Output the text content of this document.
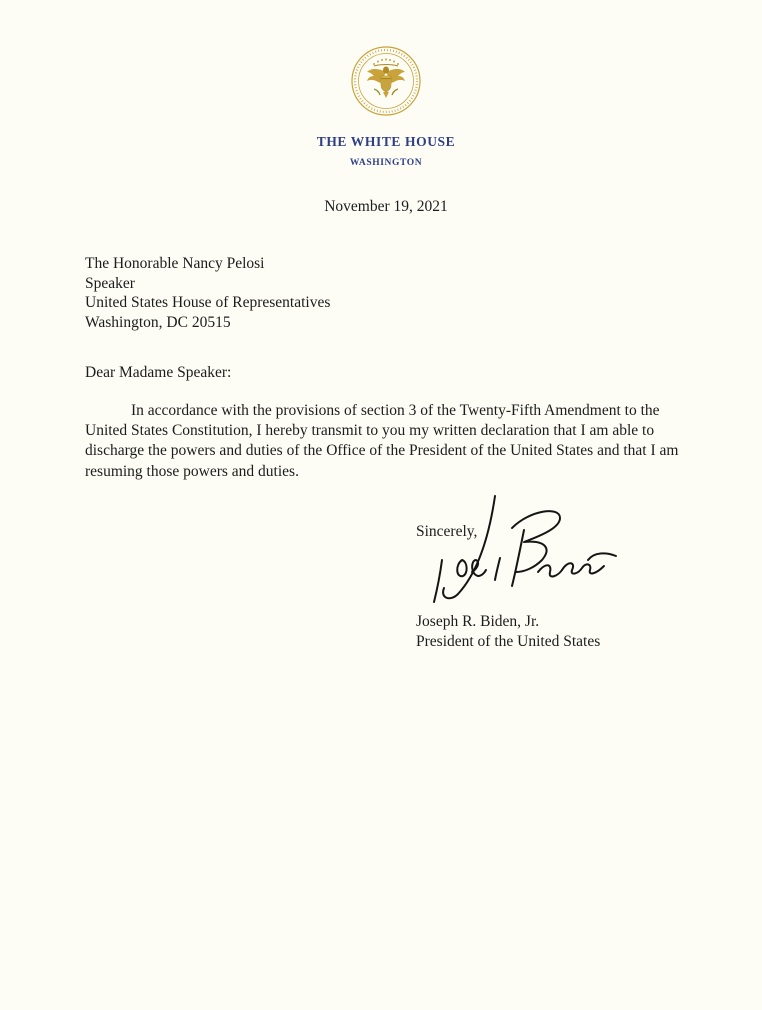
THE WHITE HOUSE
WASHINGTON
November 19, 2021
The Honorable Nancy Pelosi
Speaker
United States House of Representatives
Washington, DC 20515
Dear Madame Speaker:
In accordance with the provisions of section 3 of the Twenty-Fifth Amendment to the
United States Constitution, I hereby transmit to you my written declaration that I am able to
discharge the powers and duties of the Office of the President of the United States and that I am
resuming those powers and duties.
Sincerely,
Joseph R. Biden, Jr.
President of the United States
